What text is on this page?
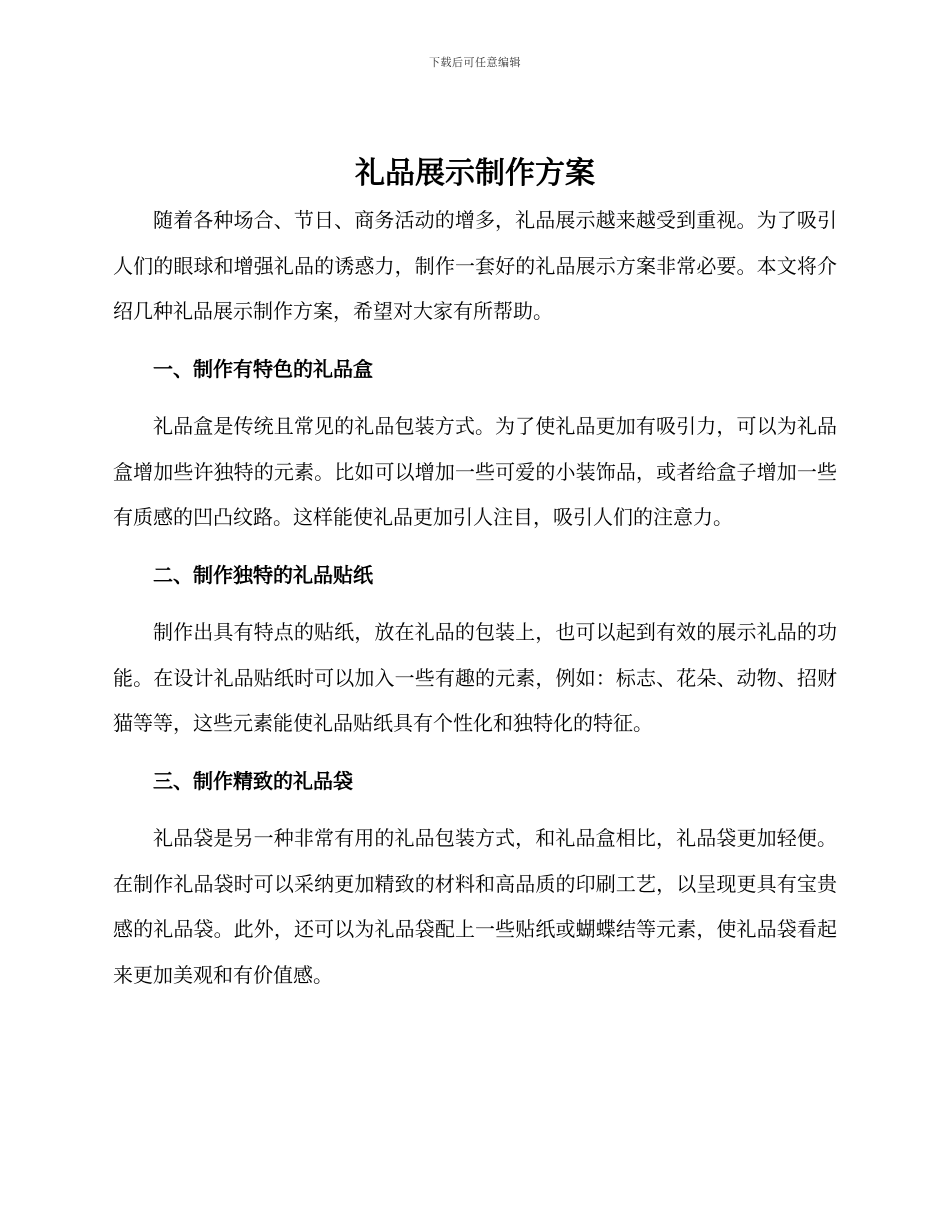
下载后可任意编辑
礼品展示制作方案

随着各种场合、节日、商务活动的增多，礼品展示越来越受到重视。为了吸引人们的眼球和增强礼品的诱惑力，制作一套好的礼品展示方案非常必要。本文将介绍几种礼品展示制作方案，希望对大家有所帮助。

一、制作有特色的礼品盒

礼品盒是传统且常见的礼品包装方式。为了使礼品更加有吸引力，可以为礼品盒增加些许独特的元素。比如可以增加一些可爱的小装饰品，或者给盒子增加一些有质感的凹凸纹路。这样能使礼品更加引人注目，吸引人们的注意力。

二、制作独特的礼品贴纸

制作出具有特点的贴纸，放在礼品的包装上，也可以起到有效的展示礼品的功能。在设计礼品贴纸时可以加入一些有趣的元素，例如：标志、花朵、动物、招财猫等等，这些元素能使礼品贴纸具有个性化和独特化的特征。

三、制作精致的礼品袋

礼品袋是另一种非常有用的礼品包装方式，和礼品盒相比，礼品袋更加轻便。在制作礼品袋时可以采纳更加精致的材料和高品质的印刷工艺，以呈现更具有宝贵感的礼品袋。此外，还可以为礼品袋配上一些贴纸或蝴蝶结等元素，使礼品袋看起来更加美观和有价值感。
